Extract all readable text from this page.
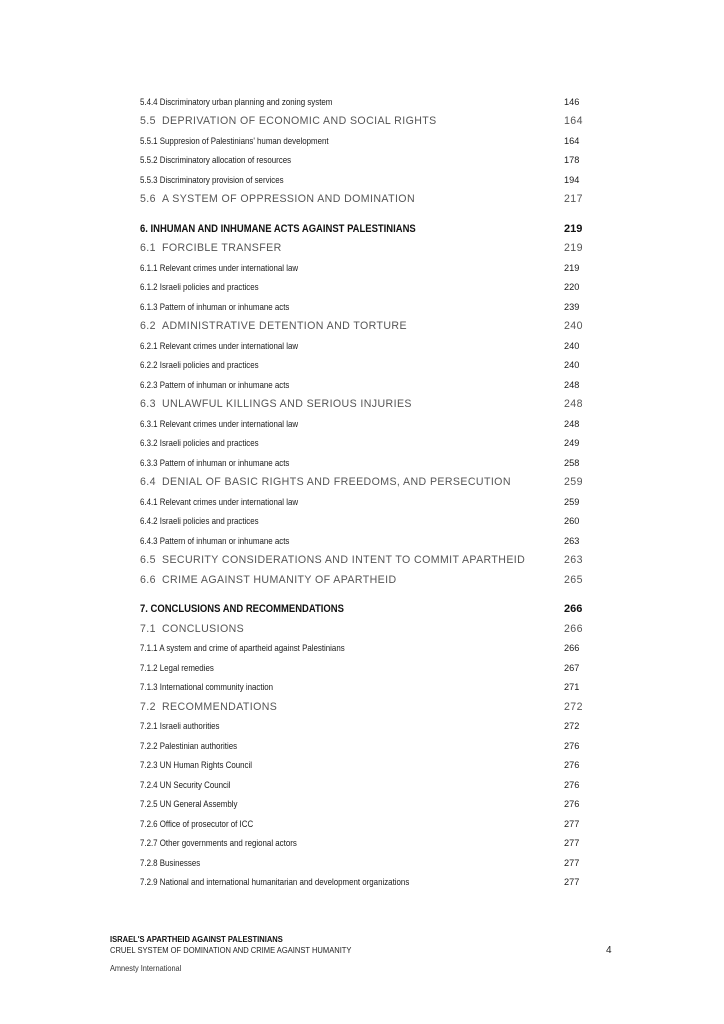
5.4.4 Discriminatory urban planning and zoning system	146
5.5 DEPRIVATION OF ECONOMIC AND SOCIAL RIGHTS	164
5.5.1 Suppresion of Palestinians' human development	164
5.5.2 Discriminatory allocation of resources	178
5.5.3 Discriminatory provision of services	194
5.6 A SYSTEM OF OPPRESSION AND DOMINATION	217
6. INHUMAN AND INHUMANE ACTS AGAINST PALESTINIANS	219
6.1 FORCIBLE TRANSFER	219
6.1.1 Relevant crimes under international law	219
6.1.2 Israeli policies and practices	220
6.1.3 Pattern of inhuman or inhumane acts	239
6.2 ADMINISTRATIVE DETENTION AND TORTURE	240
6.2.1 Relevant crimes under international law	240
6.2.2 Israeli policies and practices	240
6.2.3 Pattern of inhuman or inhumane acts	248
6.3 UNLAWFUL KILLINGS AND SERIOUS INJURIES	248
6.3.1 Relevant crimes under international law	248
6.3.2 Israeli policies and practices	249
6.3.3 Pattern of inhuman or inhumane acts	258
6.4 DENIAL OF BASIC RIGHTS AND FREEDOMS, AND PERSECUTION	259
6.4.1 Relevant crimes under international law	259
6.4.2 Israeli policies and practices	260
6.4.3 Pattern of inhuman or inhumane acts	263
6.5 SECURITY CONSIDERATIONS AND INTENT TO COMMIT APARTHEID	263
6.6 CRIME AGAINST HUMANITY OF APARTHEID	265
7. CONCLUSIONS AND RECOMMENDATIONS	266
7.1 CONCLUSIONS	266
7.1.1 A system and crime of apartheid against Palestinians	266
7.1.2 Legal remedies	267
7.1.3 International community inaction	271
7.2 RECOMMENDATIONS	272
7.2.1 Israeli authorities	272
7.2.2 Palestinian authorities	276
7.2.3 UN Human Rights Council	276
7.2.4 UN Security Council	276
7.2.5 UN General Assembly	276
7.2.6 Office of prosecutor of ICC	277
7.2.7 Other governments and regional actors	277
7.2.8 Businesses	277
7.2.9 National and international humanitarian and development organizations	277
ISRAEL'S APARTHEID AGAINST PALESTINIANS
CRUEL SYSTEM OF DOMINATION AND CRIME AGAINST HUMANITY
Amnesty International
4
